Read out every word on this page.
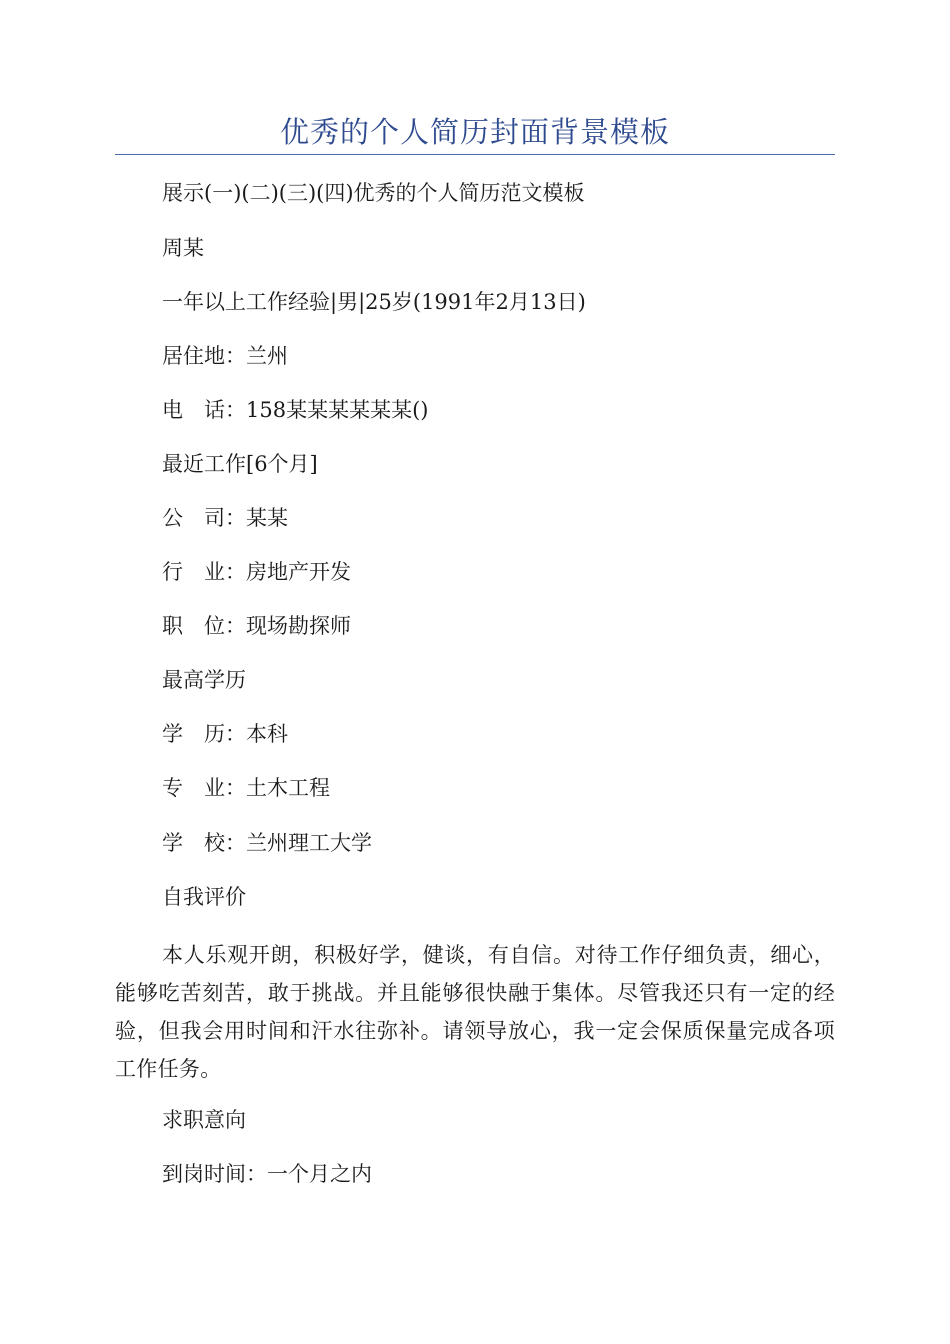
优秀的个人简历封面背景模板
展示(一)(二)(三)(四)优秀的个人简历范文模板
周某
一年以上工作经验|男|25岁(1991年2月13日)
居住地：兰州
电　话：158某某某某某某()
最近工作[6个月]
公　司：某某
行　业：房地产开发
职　位：现场勘探师
最高学历
学　历：本科
专　业：土木工程
学　校：兰州理工大学
自我评价
本人乐观开朗，积极好学，健谈，有自信。对待工作仔细负责，细心，能够吃苦刻苦，敢于挑战。并且能够很快融于集体。尽管我还只有一定的经验，但我会用时间和汗水往弥补。请领导放心，我一定会保质保量完成各项工作任务。
求职意向
到岗时间：一个月之内
